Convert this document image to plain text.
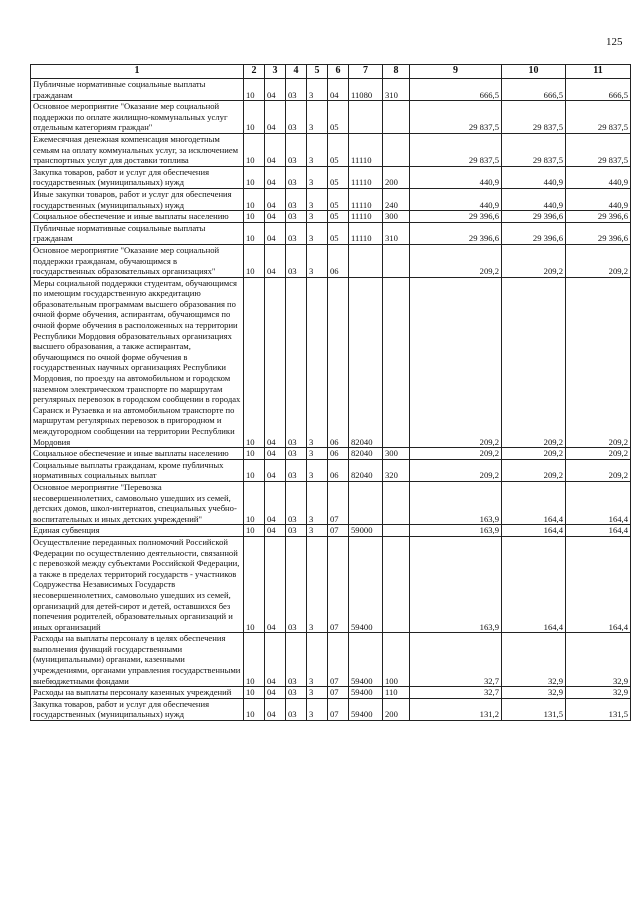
125
1	2	3	4	5	6	7	8	9	10	11
Публичные нормативные социальные выплаты гражданам	10	04	03	3	04	11080	310	666,5	666,5	666,5
Основное мероприятие "Оказание мер социальной поддержки по оплате жилищно-коммунальных услуг отдельным категориям граждан"	10	04	03	3	05			29 837,5	29 837,5	29 837,5
Ежемесячная денежная компенсация многодетным семьям на оплату коммунальных услуг, за исключением транспортных услуг для доставки топлива	10	04	03	3	05	11110		29 837,5	29 837,5	29 837,5
Закупка товаров, работ и услуг для обеспечения государственных (муниципальных) нужд	10	04	03	3	05	11110	200	440,9	440,9	440,9
Иные закупки товаров, работ и услуг для обеспечения государственных (муниципальных) нужд	10	04	03	3	05	11110	240	440,9	440,9	440,9
Социальное обеспечение и иные выплаты населению	10	04	03	3	05	11110	300	29 396,6	29 396,6	29 396,6
Публичные нормативные социальные выплаты гражданам	10	04	03	3	05	11110	310	29 396,6	29 396,6	29 396,6
Основное мероприятие "Оказание мер социальной поддержки гражданам, обучающимся в государственных образовательных организациях"	10	04	03	3	06			209,2	209,2	209,2
Меры социальной поддержки студентам, обучающимся по имеющим государственную аккредитацию образовательным программам высшего образования по очной форме обучения, аспирантам, обучающимся по очной форме обучения в расположенных на территории Республики Мордовия образовательных организациях высшего образования, а также аспирантам, обучающимся по очной форме обучения в государственных научных организациях Республики Мордовия, по проезду на автомобильном и городском наземном электрическом транспорте по маршрутам регулярных перевозок в городском сообщении в городах Саранск и Рузаевка и на автомобильном транспорте по маршрутам регулярных перевозок в пригородном и междугородном сообщении на территории Республики Мордовия	10	04	03	3	06	82040		209,2	209,2	209,2
Социальное обеспечение и иные выплаты населению	10	04	03	3	06	82040	300	209,2	209,2	209,2
Социальные выплаты гражданам, кроме публичных нормативных социальных выплат	10	04	03	3	06	82040	320	209,2	209,2	209,2
Основное мероприятие "Перевозка несовершеннолетних, самовольно ушедших из семей, детских домов, школ-интернатов, специальных учебно-воспитательных и иных детских учреждений"	10	04	03	3	07			163,9	164,4	164,4
Единая субвенция	10	04	03	3	07	59000		163,9	164,4	164,4
Осуществление переданных полномочий Российской Федерации по осуществлению деятельности, связанной с перевозкой между субъектами Российской Федерации, а также в пределах территорий государств - участников Содружества Независимых Государств несовершеннолетних, самовольно ушедших из семей, организаций для детей-сирот и детей, оставшихся без попечения родителей, образовательных организаций и иных организаций	10	04	03	3	07	59400		163,9	164,4	164,4
Расходы на выплаты персоналу в целях обеспечения выполнения функций государственными (муниципальными) органами, казенными учреждениями, органами управления государственными внебюджетными фондами	10	04	03	3	07	59400	100	32,7	32,9	32,9
Расходы на выплаты персоналу казенных учреждений	10	04	03	3	07	59400	110	32,7	32,9	32,9
Закупка товаров, работ и услуг для обеспечения государственных (муниципальных) нужд	10	04	03	3	07	59400	200	131,2	131,5	131,5
